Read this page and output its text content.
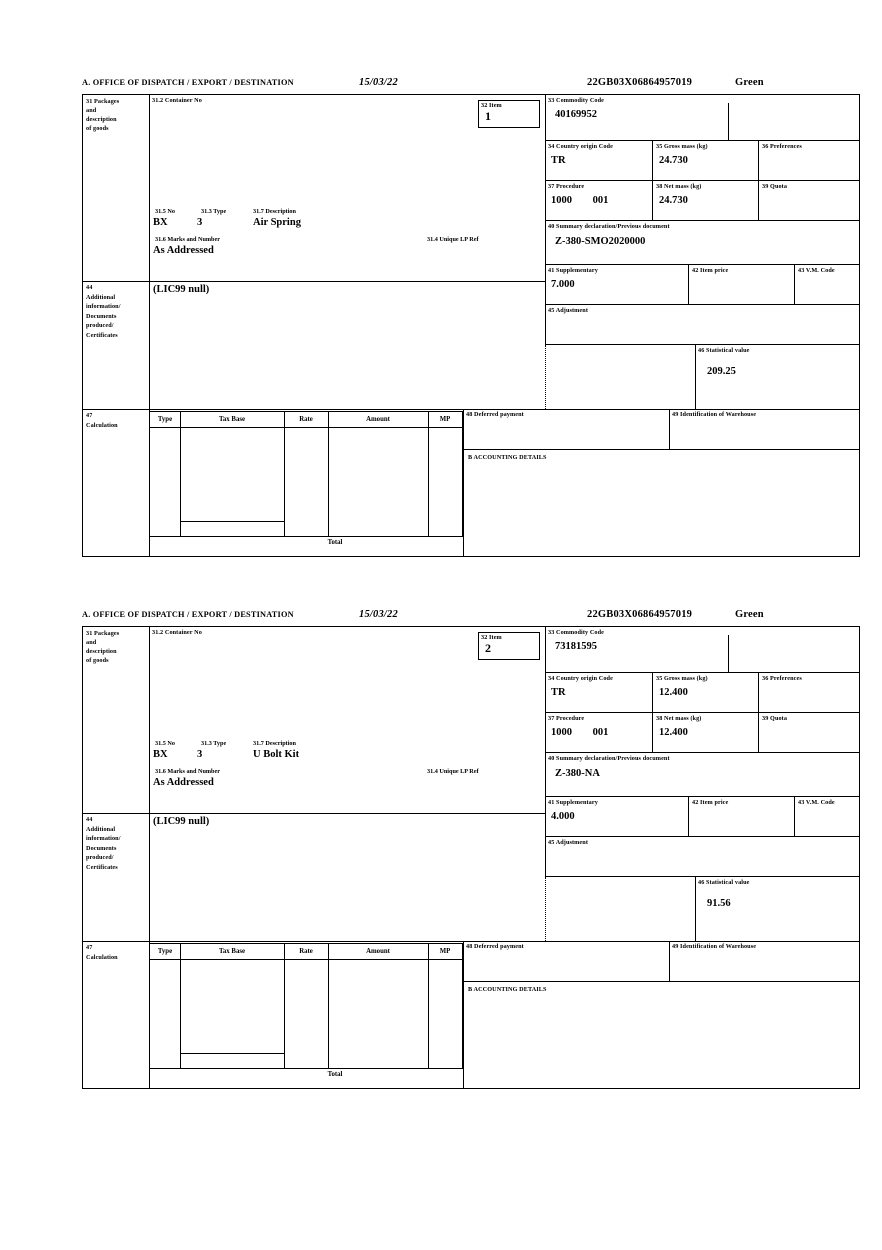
A. OFFICE OF DISPATCH / EXPORT / DESTINATION	15/03/22	22GB03X06864957019	Green
31 Packages
and
description
of goods
31.2 Container No
31.5 No	31.3 Type	31.7 Description
BX	3	Air Spring
31.6 Marks and Number	31.4 Unique LP Ref
As Addressed
32 Item
1
33 Commodity Code
40169952
34 Country origin Code
TR
35 Gross mass (kg)
24.730
36 Preferences
37 Procedure
1000 001
38 Net mass (kg)
24.730
39 Quota
40 Summary declaration/Previous document
Z-380-SMO2020000
41 Supplementary
7.000
42 Item price	43 V.M. Code
45 Adjustment
44
Additional
information/
Documents
produced/
Certificates
(LIC99 null)
46 Statistical value
209.25
47
Calculation
Type	Tax Base	Rate	Amount	MP
Total
48 Deferred payment	49 Identification of Warehouse
B ACCOUNTING DETAILS
A. OFFICE OF DISPATCH / EXPORT / DESTINATION	15/03/22	22GB03X06864957019	Green
31 Packages
and
description
of goods
31.2 Container No
31.5 No	31.3 Type	31.7 Description
BX	3	U Bolt Kit
31.6 Marks and Number	31.4 Unique LP Ref
As Addressed
32 Item
2
33 Commodity Code
73181595
34 Country origin Code
TR
35 Gross mass (kg)
12.400
36 Preferences
37 Procedure
1000 001
38 Net mass (kg)
12.400
39 Quota
40 Summary declaration/Previous document
Z-380-NA
41 Supplementary
4.000
42 Item price	43 V.M. Code
45 Adjustment
44
Additional
information/
Documents
produced/
Certificates
(LIC99 null)
46 Statistical value
91.56
47
Calculation
Type	Tax Base	Rate	Amount	MP
Total
48 Deferred payment	49 Identification of Warehouse
B ACCOUNTING DETAILS
